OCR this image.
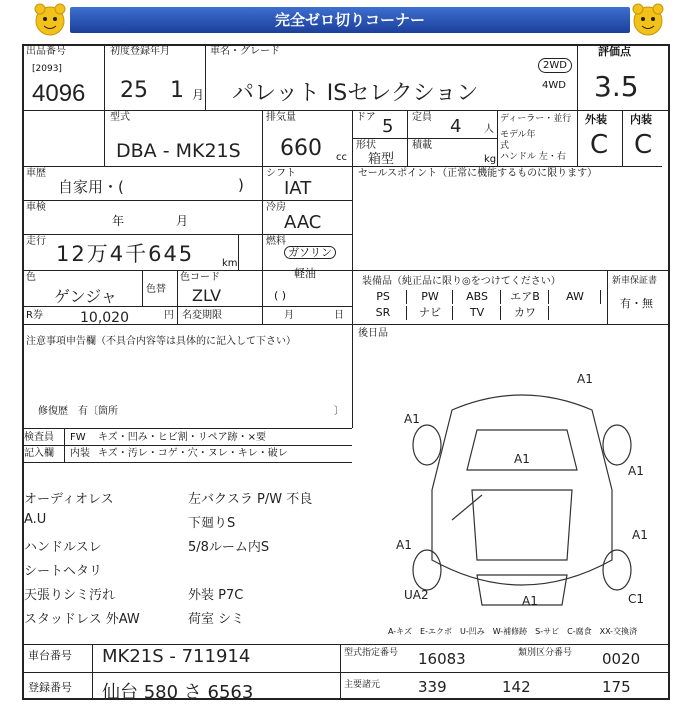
完全ゼロ切りコーナー
出品番号
[2093]
4096
初度登録年月
25 1 月
車名・グレード
パレット ISセレクション
2WD
4WD
評価点
3.5
外装 内装
C C
型式
DBA - MK21S
排気量
660 cc
ドア 5 定員 4 人
形状
箱型
積載
kg
ディーラー・並行
モデル年式
ハンドル 左・右
車歴
自家用・(	)
シフト
IAT
車検
年	月
冷房
AAC
走行
12万4千645	km
燃料
ガソリン
軽油
( )
色
ゲンジャ	色替
色コード
ZLV
R券	10,020	円 名変期限	月	日
注意事項申告欄（不具合内容等は具体的に記入して下さい）
修復歴　有〔箇所	〕
セールスポイント（正常に機能するものに限ります）
装備品（純正品に限り◎をつけてください）	新車保証書
有・無
PS	PW	ABS	エアB	AW
SR	ナビ	TV	カワ
後日品
検査員
記入欄
FW キズ・凹み・ヒビ割・リペア跡・×要
内装 キズ・汚レ・コゲ・穴・ヌレ・キレ・破レ
オーディオレス
A.U
ハンドルスレ
シートヘタリ
天張りシミ汚れ
スタッドレス 外AW
左バクスラ P/W 不良
下廻りS
5/8ルーム内S
外装 P7C
荷室 シミ
A1
A1
A1
A1
A1
A1
UA2	A1	C1
A-キズ　E-エクボ　U-凹み　W-補修跡　S-サビ　C-腐食　XX-交換済
車台番号 MK21S - 711914
登録番号 仙台 580 さ 6563
型式指定番号 16083	類別区分番号 0020
主要諸元	339	142	175
